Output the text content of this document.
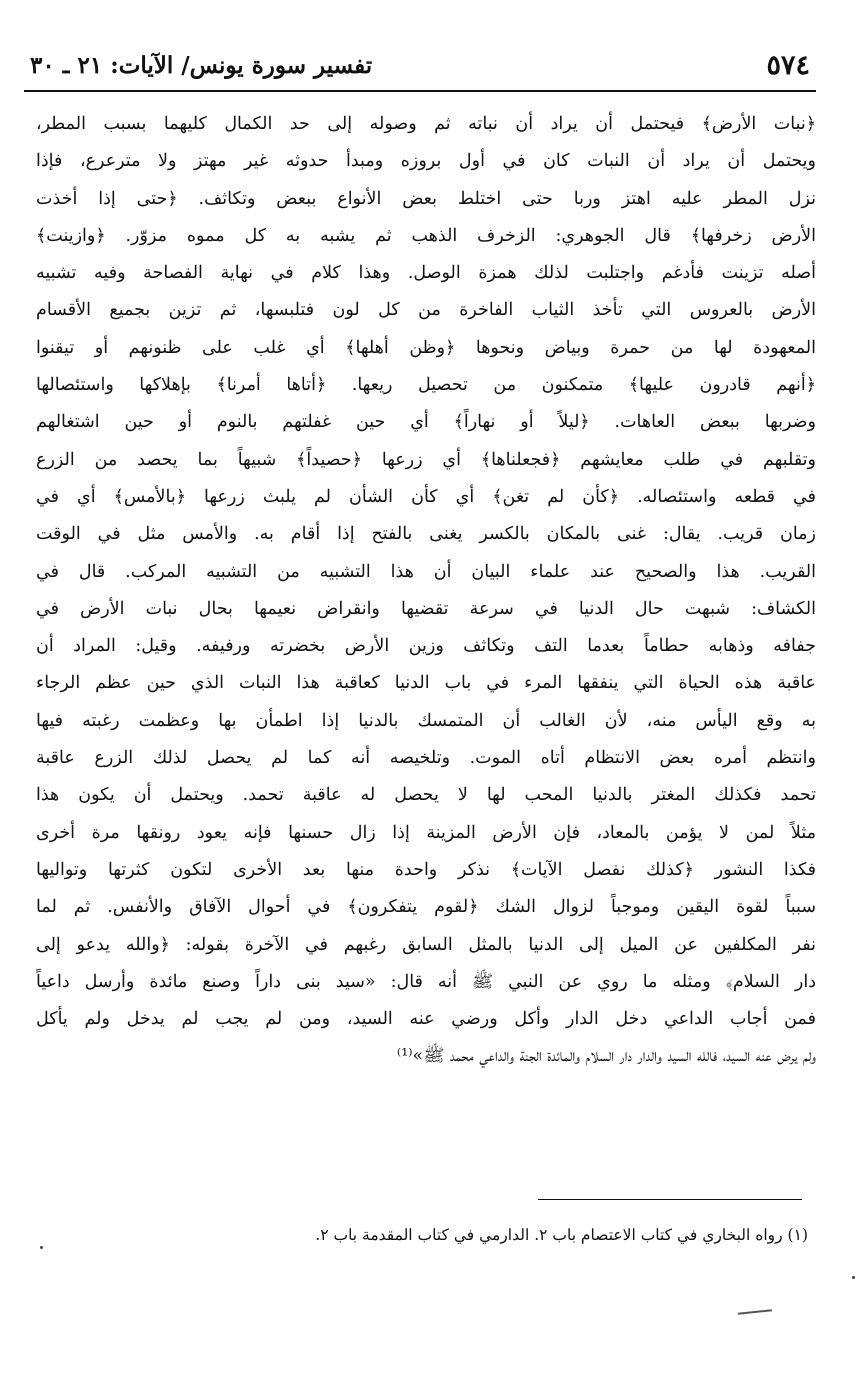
٥٧٤
تفسير سورة يونس/ الآيات: ٢١ ـ ٣٠
﴿نبات الأرض﴾ فيحتمل أن يراد أن نباته ثم وصوله إلى حد الكمال كليهما بسبب المطر،
ويحتمل أن يراد أن النبات كان في أول بروزه ومبدأ حدوثه غير مهتز ولا مترعرع، فإذا
نزل المطر عليه اهتز وربا حتى اختلط بعض الأنواع ببعض وتكاثف. ﴿حتى إذا أخذت
الأرض زخرفها﴾ قال الجوهري: الزخرف الذهب ثم يشبه به كل مموه مزوّر. ﴿وازينت﴾
أصله تزينت فأدغم واجتلبت لذلك همزة الوصل. وهذا كلام في نهاية الفصاحة وفيه تشبيه
الأرض بالعروس التي تأخذ الثياب الفاخرة من كل لون فتلبسها، ثم تزين بجميع الأقسام
المعهودة لها من حمرة وبياض ونحوها ﴿وظن أهلها﴾ أي غلب على ظنونهم أو تيقنوا
﴿أنهم قادرون عليها﴾ متمكنون من تحصيل ريعها. ﴿أتاها أمرنا﴾ بإهلاكها واستئصالها
وضربها ببعض العاهات. ﴿ليلاً أو نهاراً﴾ أي حين غفلتهم بالنوم أو حين اشتغالهم
وتقلبهم في طلب معايشهم ﴿فجعلناها﴾ أي زرعها ﴿حصيداً﴾ شبيهاً بما يحصد من الزرع
في قطعه واستئصاله. ﴿كأن لم تغن﴾ أي كأن الشأن لم يلبث زرعها ﴿بالأمس﴾ أي في
زمان قريب. يقال: غنى بالمكان بالكسر يغنى بالفتح إذا أقام به. والأمس مثل في الوقت
القريب. هذا والصحيح عند علماء البيان أن هذا التشبيه من التشبيه المركب. قال في
الكشاف: شبهت حال الدنيا في سرعة تقضيها وانقراض نعيمها بحال نبات الأرض في
جفافه وذهابه حطاماً بعدما التف وتكاثف وزين الأرض بخضرته ورفيفه. وقيل: المراد أن
عاقبة هذه الحياة التي ينفقها المرء في باب الدنيا كعاقبة هذا النبات الذي حين عظم الرجاء
به وقع اليأس منه، لأن الغالب أن المتمسك بالدنيا إذا اطمأن بها وعظمت رغبته فيها
وانتظم أمره بعض الانتظام أتاه الموت. وتلخيصه أنه كما لم يحصل لذلك الزرع عاقبة
تحمد فكذلك المغتر بالدنيا المحب لها لا يحصل له عاقبة تحمد. ويحتمل أن يكون هذا
مثلاً لمن لا يؤمن بالمعاد، فإن الأرض المزينة إذا زال حسنها فإنه يعود رونقها مرة أخرى
فكذا النشور ﴿كذلك نفصل الآيات﴾ نذكر واحدة منها بعد الأخرى لتكون كثرتها وتواليها
سبباً لقوة اليقين وموجباً لزوال الشك ﴿لقوم يتفكرون﴾ في أحوال الآفاق والأنفس. ثم لما
نفر المكلفين عن الميل إلى الدنيا بالمثل السابق رغبهم في الآخرة بقوله: ﴿والله يدعو إلى
دار السلام﴾ ومثله ما روي عن النبي ﷺ أنه قال: «سيد بنى داراً وصنع مائدة وأرسل داعياً
فمن أجاب الداعي دخل الدار وأكل ورضي عنه السيد، ومن لم يجب لم يدخل ولم يأكل
ولم يرض عنه السيد، فالله السيد والدار دار السلام والمائدة الجنة والداعي محمد ﷺ»⁽¹⁾
(١) رواه البخاري في كتاب الاعتصام باب ٢. الدارمي في كتاب المقدمة باب ٢.
